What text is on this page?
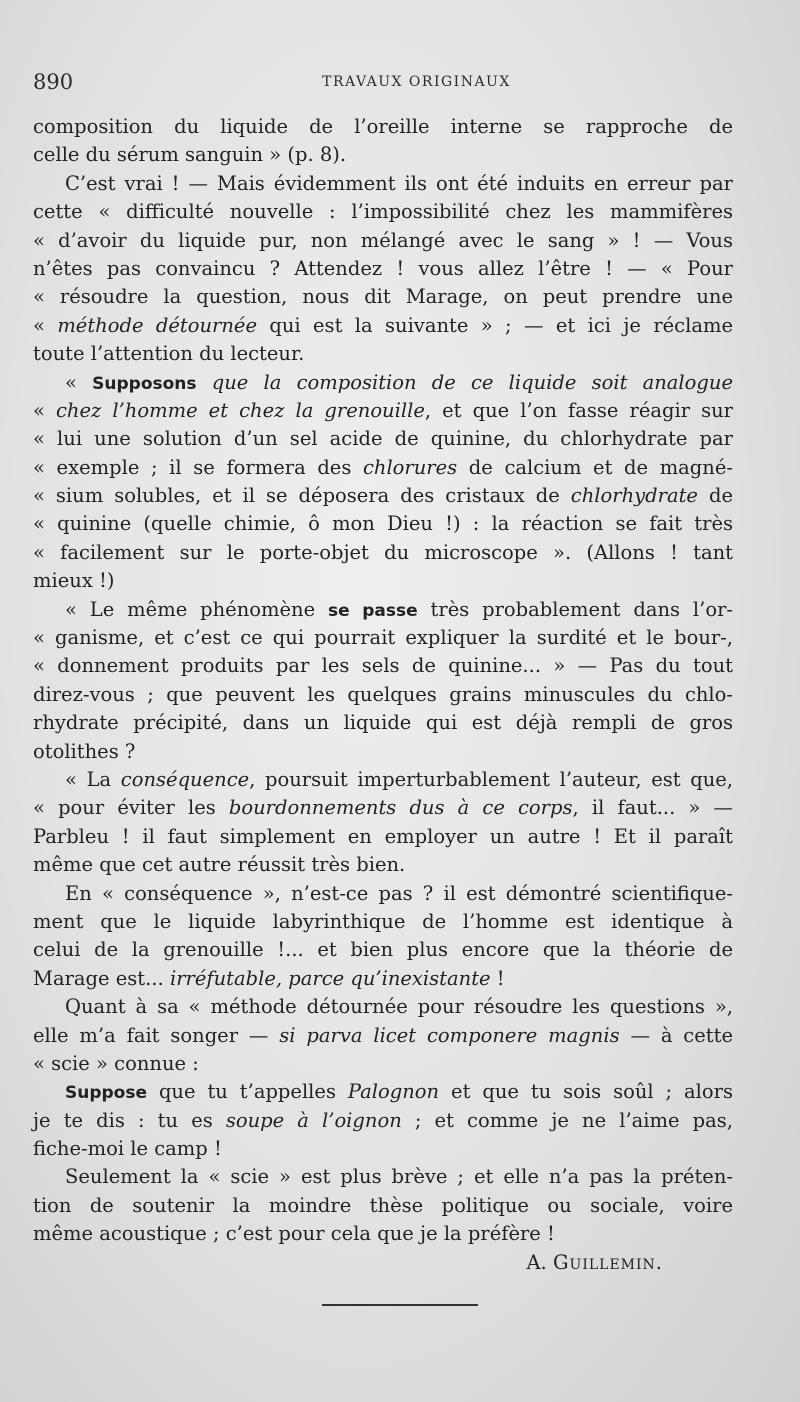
890	TRAVAUX ORIGINAUX
composition du liquide de l’oreille interne se rapproche de
celle du sérum sanguin » (p. 8).
C’est vrai ! — Mais évidemment ils ont été induits en erreur par
cette « difficulté nouvelle : l’impossibilité chez les mammifères
« d’avoir du liquide pur, non mélangé avec le sang » ! — Vous
n’êtes pas convaincu ? Attendez ! vous allez l’être ! — « Pour
« résoudre la question, nous dit Marage, on peut prendre une
« méthode détournée qui est la suivante » ; — et ici je réclame
toute l’attention du lecteur.
« Supposons que la composition de ce liquide soit analogue
« chez l’homme et chez la grenouille, et que l’on fasse réagir sur
« lui une solution d’un sel acide de quinine, du chlorhydrate par
« exemple ; il se formera des chlorures de calcium et de magné-
« sium solubles, et il se déposera des cristaux de chlorhydrate de
« quinine (quelle chimie, ô mon Dieu !) : la réaction se fait très
« facilement sur le porte-objet du microscope ». (Allons ! tant
mieux !)
« Le même phénomène se passe très probablement dans l’or-
« ganisme, et c’est ce qui pourrait expliquer la surdité et le bour-,
« donnement produits par les sels de quinine... » — Pas du tout
direz-vous ; que peuvent les quelques grains minuscules du chlo-
rhydrate précipité, dans un liquide qui est déjà rempli de gros
otolithes ?
« La conséquence, poursuit imperturbablement l’auteur, est que,
« pour éviter les bourdonnements dus à ce corps, il faut... » —
Parbleu ! il faut simplement en employer un autre ! Et il paraît
même que cet autre réussit très bien.
En « conséquence », n’est-ce pas ? il est démontré scientifique-
ment que le liquide labyrinthique de l’homme est identique à
celui de la grenouille !... et bien plus encore que la théorie de
Marage est... irréfutable, parce qu’inexistante !
Quant à sa « méthode détournée pour résoudre les questions »,
elle m’a fait songer — si parva licet componere magnis — à cette
« scie » connue :
Suppose que tu t’appelles Palognon et que tu sois soûl ; alors
je te dis : tu es soupe à l’oignon ; et comme je ne l’aime pas,
fiche-moi le camp !
Seulement la « scie » est plus brève ; et elle n’a pas la préten-
tion de soutenir la moindre thèse politique ou sociale, voire
même acoustique ; c’est pour cela que je la préfère !
A. Guillemin.
